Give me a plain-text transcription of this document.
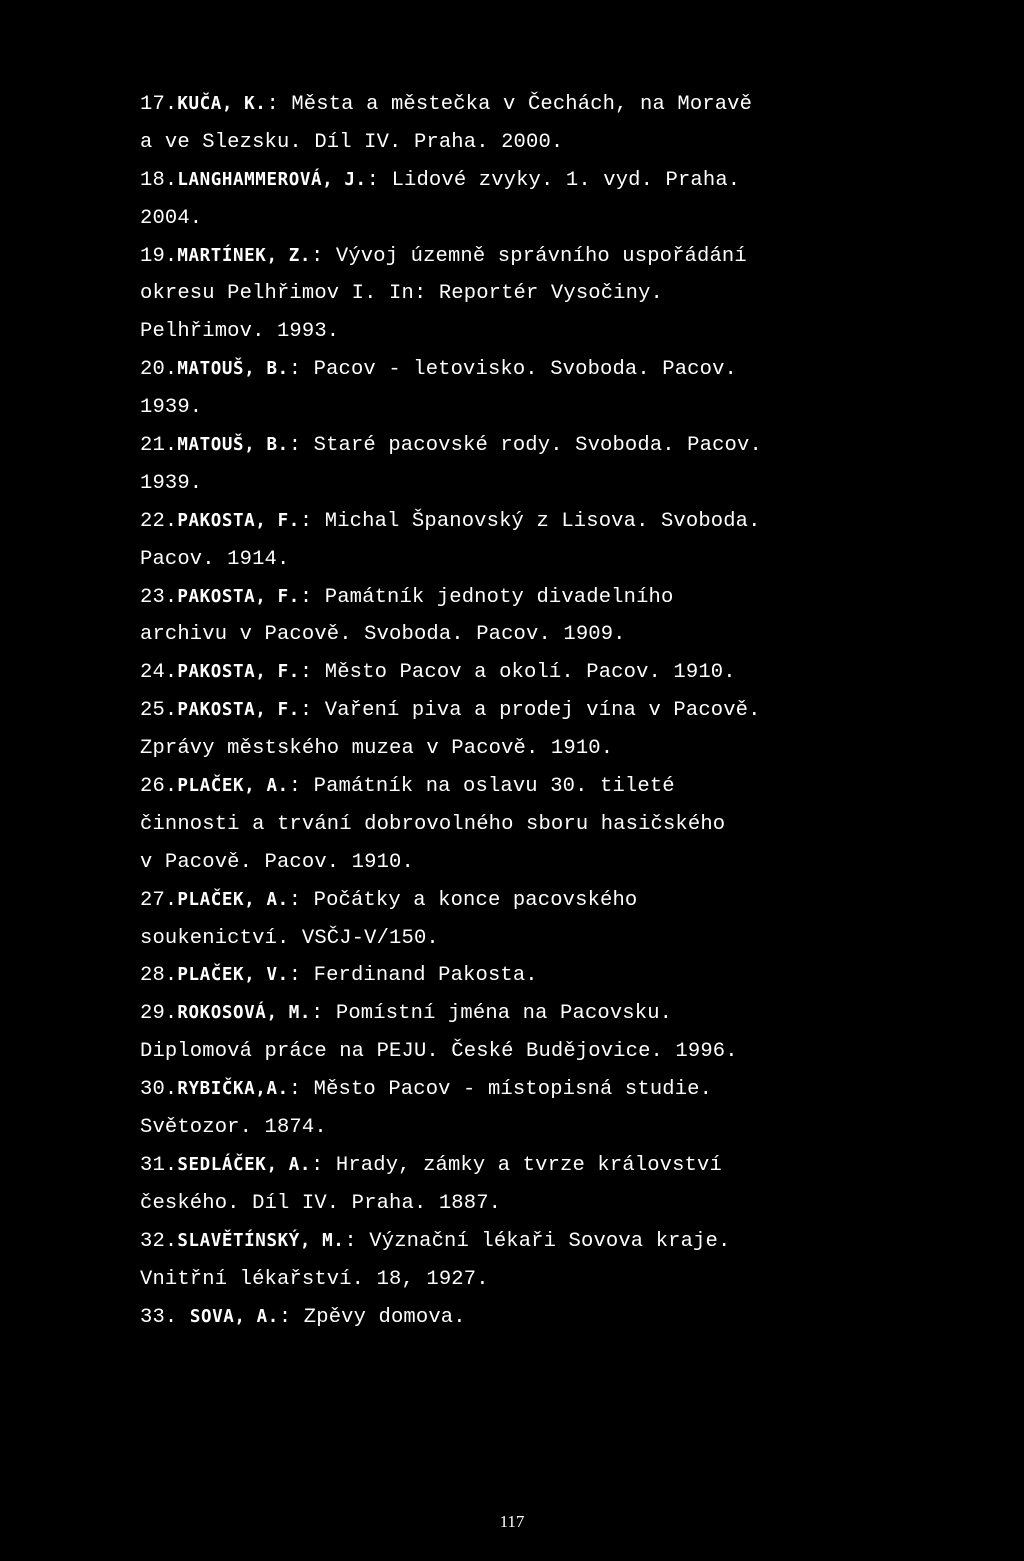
17.KUČA, K.: Města a městečka v Čechách, na Moravě
a ve Slezsku. Díl IV. Praha. 2000.
18.LANGHAMMEROVÁ, J.: Lidové zvyky. 1. vyd. Praha.
2004.
19.MARTÍNEK, Z.: Vývoj územně správního uspořádání
okresu Pelhřimov I. In: Reportér Vysočiny.
Pelhřimov. 1993.
20.MATOUŠ, B.: Pacov - letovisko. Svoboda. Pacov.
1939.
21.MATOUŠ, B.: Staré pacovské rody. Svoboda. Pacov.
1939.
22.PAKOSTA, F.: Michal Španovský z Lisova. Svoboda.
Pacov. 1914.
23.PAKOSTA, F.: Památník jednoty divadelního
archivu v Pacově. Svoboda. Pacov. 1909.
24.PAKOSTA, F.: Město Pacov a okolí. Pacov. 1910.
25.PAKOSTA, F.: Vaření piva a prodej vína v Pacově.
Zprávy městského muzea v Pacově. 1910.
26.PLAČEK, A.: Památník na oslavu 30. tileté
činnosti a trvání dobrovolného sboru hasičského
v Pacově. Pacov. 1910.
27.PLAČEK, A.: Počátky a konce pacovského
soukenictví. VSČJ-V/150.
28.PLAČEK, V.: Ferdinand Pakosta.
29.ROKOSOVÁ, M.: Pomístní jména na Pacovsku.
Diplomová práce na PEJU. České Budějovice. 1996.
30.RYBIČKA,A.: Město Pacov - místopisná studie.
Světozor. 1874.
31.SEDLÁČEK, A.: Hrady, zámky a tvrze království
českého. Díl IV. Praha. 1887.
32.SLAVĚTÍNSKÝ, M.: Význační lékaři Sovova kraje.
Vnitřní lékařství. 18, 1927.
33. SOVA, A.: Zpěvy domova.
117
